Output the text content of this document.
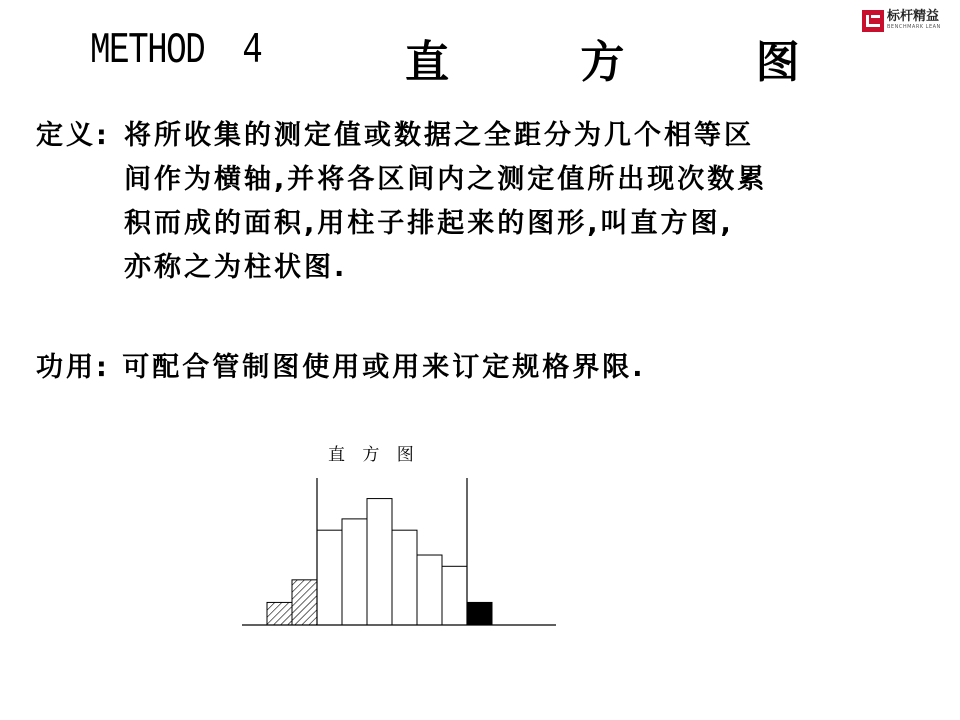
METHOD  4	直 方 图
标杆精益
BENCHMARK LEAN
定义: 将所收集的测定值或数据之全距分为几个相等区
间作为横轴,并将各区间内之测定值所出现次数累
积而成的面积,用柱子排起来的图形,叫直方图,
亦称之为柱状图.
功用: 可配合管制图使用或用来订定规格界限.
直 方 图
